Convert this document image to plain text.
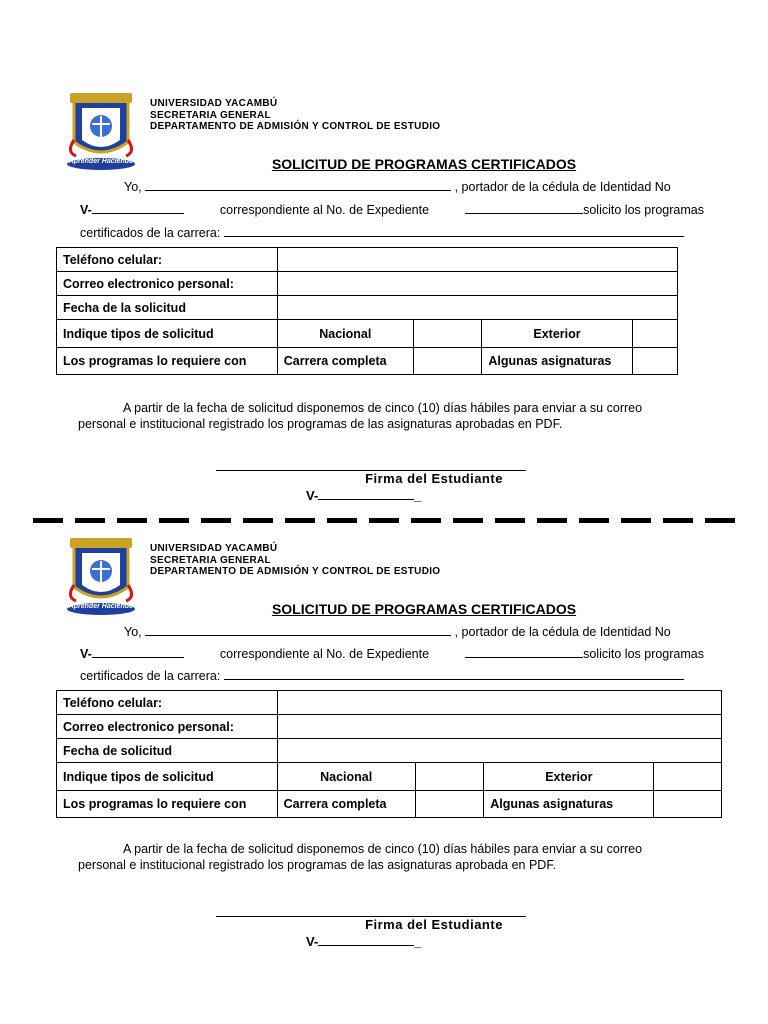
"Aprender Haciendo"
UNIVERSIDAD YACAMBÚ
SECRETARIA GENERAL
DEPARTAMENTO DE ADMISIÓN Y CONTROL DE ESTUDIO
SOLICITUD DE PROGRAMAS CERTIFICADOS
Yo,	, portador de la cédula de Identidad No
V-	correspondiente al No. de Expediente	solicito los programas
certificados de la carrera:
Teléfono celular:				
Correo electronico personal:				
Fecha de la solicitud				
Indique tipos de solicitud	Nacional		Exterior	
Los programas lo requiere con	Carrera completa		Algunas asignaturas	
A partir de la fecha de solicitud disponemos de cinco (10) días hábiles para enviar a su correo personal e institucional registrado los programas de las asignaturas aprobadas en PDF.
Firma del Estudiante
V-	_
"Aprender Haciendo"
UNIVERSIDAD YACAMBÚ
SECRETARIA GENERAL
DEPARTAMENTO DE ADMISIÓN Y CONTROL DE ESTUDIO
SOLICITUD DE PROGRAMAS CERTIFICADOS
Yo,	, portador de la cédula de Identidad No
V-	correspondiente al No. de Expediente	solicito los programas
certificados de la carrera:
Teléfono celular:				
Correo electronico personal:				
Fecha de solicitud				
Indique tipos de solicitud	Nacional		Exterior	
Los programas lo requiere con	Carrera completa		Algunas asignaturas	
A partir de la fecha de solicitud disponemos de cinco (10) días hábiles para enviar a su correo personal e institucional registrado los programas de las asignaturas aprobada en PDF.
Firma del Estudiante
V-	_
